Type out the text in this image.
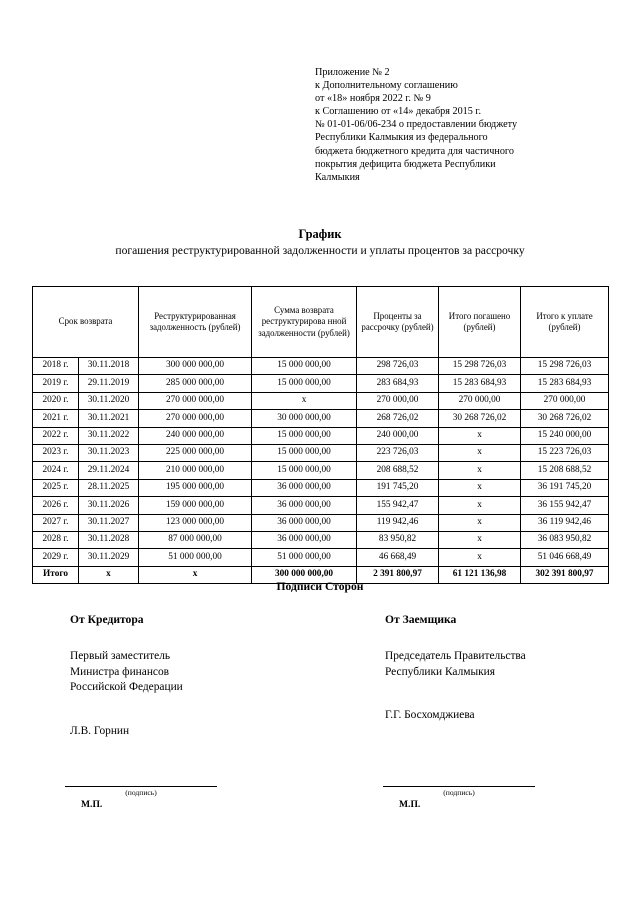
Приложение № 2
к Дополнительному соглашению
от «18» ноября 2022 г. № 9
к Соглашению от «14» декабря 2015 г.
№ 01-01-06/06-234 о предоставлении бюджету
Республики Калмыкия из федерального
бюджета бюджетного кредита для частичного
покрытия дефицита бюджета Республики
Калмыкия
График
погашения реструктурированной задолженности и уплаты процентов за рассрочку
Срок возврата		Реструктурированная задолженность (рублей)	Сумма возврата реструктурирова нной задолженности (рублей)	Проценты за рассрочку (рублей)	Итого погашено (рублей)	Итого к уплате (рублей)
2018 г.	30.11.2018	300 000 000,00	15 000 000,00	298 726,03	15 298 726,03	15 298 726,03
2019 г.	29.11.2019	285 000 000,00	15 000 000,00	283 684,93	15 283 684,93	15 283 684,93
2020 г.	30.11.2020	270 000 000,00	x	270 000,00	270 000,00	270 000,00
2021 г.	30.11.2021	270 000 000,00	30 000 000,00	268 726,02	30 268 726,02	30 268 726,02
2022 г.	30.11.2022	240 000 000,00	15 000 000,00	240 000,00	x	15 240 000,00
2023 г.	30.11.2023	225 000 000,00	15 000 000,00	223 726,03	x	15 223 726,03
2024 г.	29.11.2024	210 000 000,00	15 000 000,00	208 688,52	x	15 208 688,52
2025 г.	28.11.2025	195 000 000,00	36 000 000,00	191 745,20	x	36 191 745,20
2026 г.	30.11.2026	159 000 000,00	36 000 000,00	155 942,47	x	36 155 942,47
2027 г.	30.11.2027	123 000 000,00	36 000 000,00	119 942,46	x	36 119 942,46
2028 г.	30.11.2028	87 000 000,00	36 000 000,00	83 950,82	x	36 083 950,82
2029 г.	30.11.2029	51 000 000,00	51 000 000,00	46 668,49	x	51 046 668,49
Итого	x	x	300 000 000,00	2 391 800,97	61 121 136,98	302 391 800,97
Подписи Сторон
От Кредитора
Первый заместитель
Министра финансов
Российской Федерации
Л.В. Горнин
От Заемщика
Председатель Правительства
Республики Калмыкия
Г.Г. Босхомджиева
(подпись)
М.П.
(подпись)
М.П.
